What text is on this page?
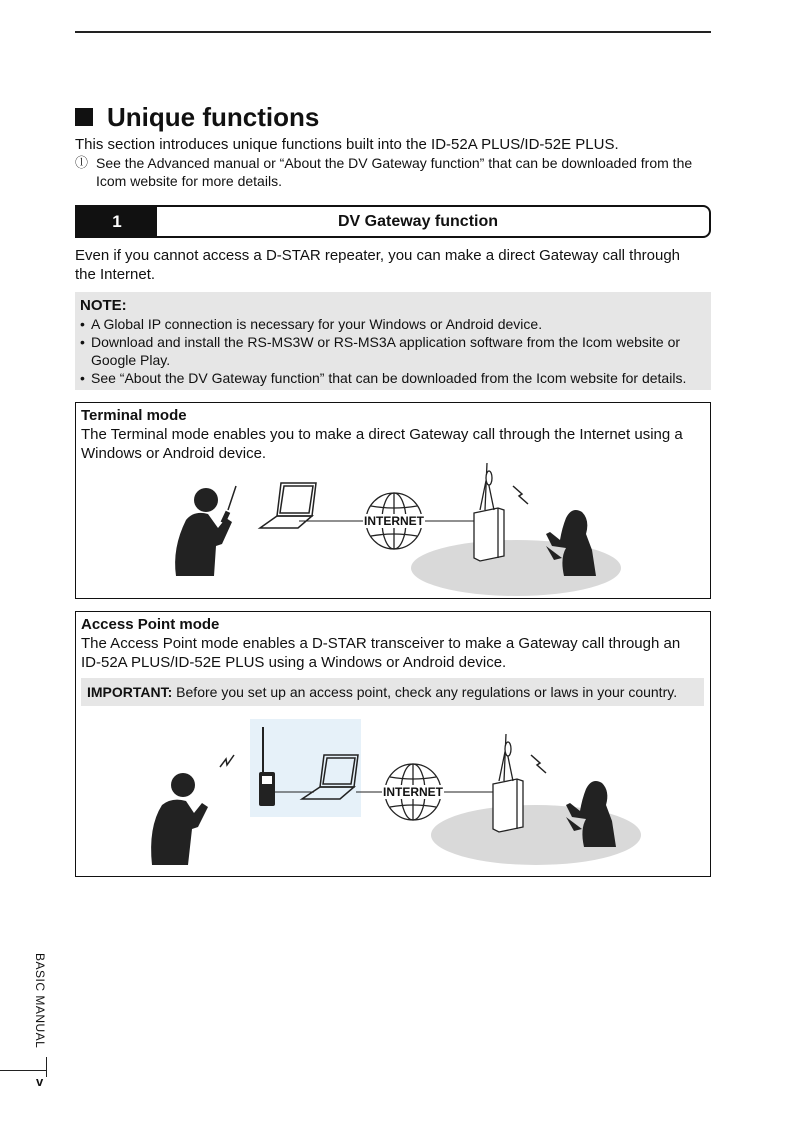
Unique functions
This section introduces unique functions built into the ID-52A PLUS/ID-52E PLUS.
ⓛ See the Advanced manual or “About the DV Gateway function” that can be downloaded from the Icom website for more details.
1	DV Gateway function
Even if you cannot access a D-STAR repeater, you can make a direct Gateway call through the Internet.
NOTE:
• A Global IP connection is necessary for your Windows or Android device.
• Download and install the RS-MS3W or RS-MS3A application software from the Icom website or Google Play.
• See “About the DV Gateway function” that can be downloaded from the Icom website for details.
Terminal mode
The Terminal mode enables you to make a direct Gateway call through the Internet using a Windows or Android device.
INTERNET
Access Point mode
The Access Point mode enables a D-STAR transceiver to make a Gateway call through an ID-52A PLUS/ID-52E PLUS using a Windows or Android device.
IMPORTANT: Before you set up an access point, check any regulations or laws in your country.
INTERNET
BASIC MANUAL
v
